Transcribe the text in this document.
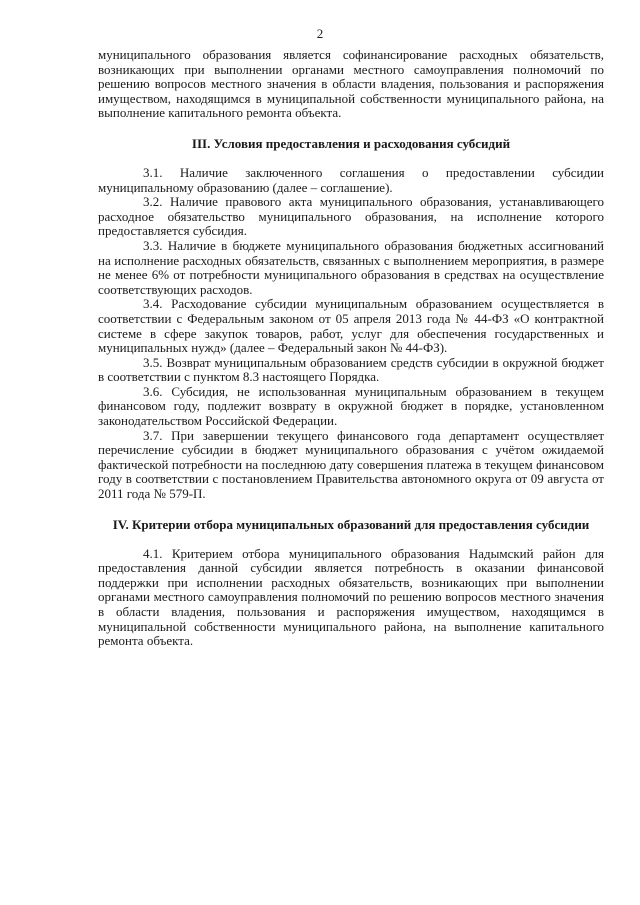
2

муниципального образования является софинансирование расходных обязательств, возникающих при выполнении органами местного самоуправления полномочий по решению вопросов местного значения в области владения, пользования и распоряжения имуществом, находящимся в муниципальной собственности муниципального района, на выполнение капитального ремонта объекта.

III. Условия предоставления и расходования субсидий

3.1. Наличие заключенного соглашения о предоставлении субсидии муниципальному образованию (далее – соглашение).

3.2. Наличие правового акта муниципального образования, устанавливающего расходное обязательство муниципального образования, на исполнение которого предоставляется субсидия.

3.3. Наличие в бюджете муниципального образования бюджетных ассигнований на исполнение расходных обязательств, связанных с выполнением мероприятия, в размере не менее 6% от потребности муниципального образования в средствах на осуществление соответствующих расходов.

3.4. Расходование субсидии муниципальным образованием осуществляется в соответствии с Федеральным законом от 05 апреля 2013 года № 44-ФЗ «О контрактной системе в сфере закупок товаров, работ, услуг для обеспечения государственных и муниципальных нужд» (далее – Федеральный закон № 44-ФЗ).

3.5. Возврат муниципальным образованием средств субсидии в окружной бюджет в соответствии с пунктом 8.3 настоящего Порядка.

3.6. Субсидия, не использованная муниципальным образованием в текущем финансовом году, подлежит возврату в окружной бюджет в порядке, установленном законодательством Российской Федерации.

3.7. При завершении текущего финансового года департамент осуществляет перечисление субсидии в бюджет муниципального образования с учётом ожидаемой фактической потребности на последнюю дату совершения платежа в текущем финансовом году в соответствии с постановлением Правительства автономного округа от 09 августа от 2011 года № 579-П.

IV. Критерии отбора муниципальных образований для предоставления субсидии

4.1. Критерием отбора муниципального образования Надымский район для предоставления данной субсидии является потребность в оказании финансовой поддержки при исполнении расходных обязательств, возникающих при выполнении органами местного самоуправления полномочий по решению вопросов местного значения в области владения, пользования и распоряжения имуществом, находящимся в муниципальной собственности муниципального района, на выполнение капитального ремонта объекта.
